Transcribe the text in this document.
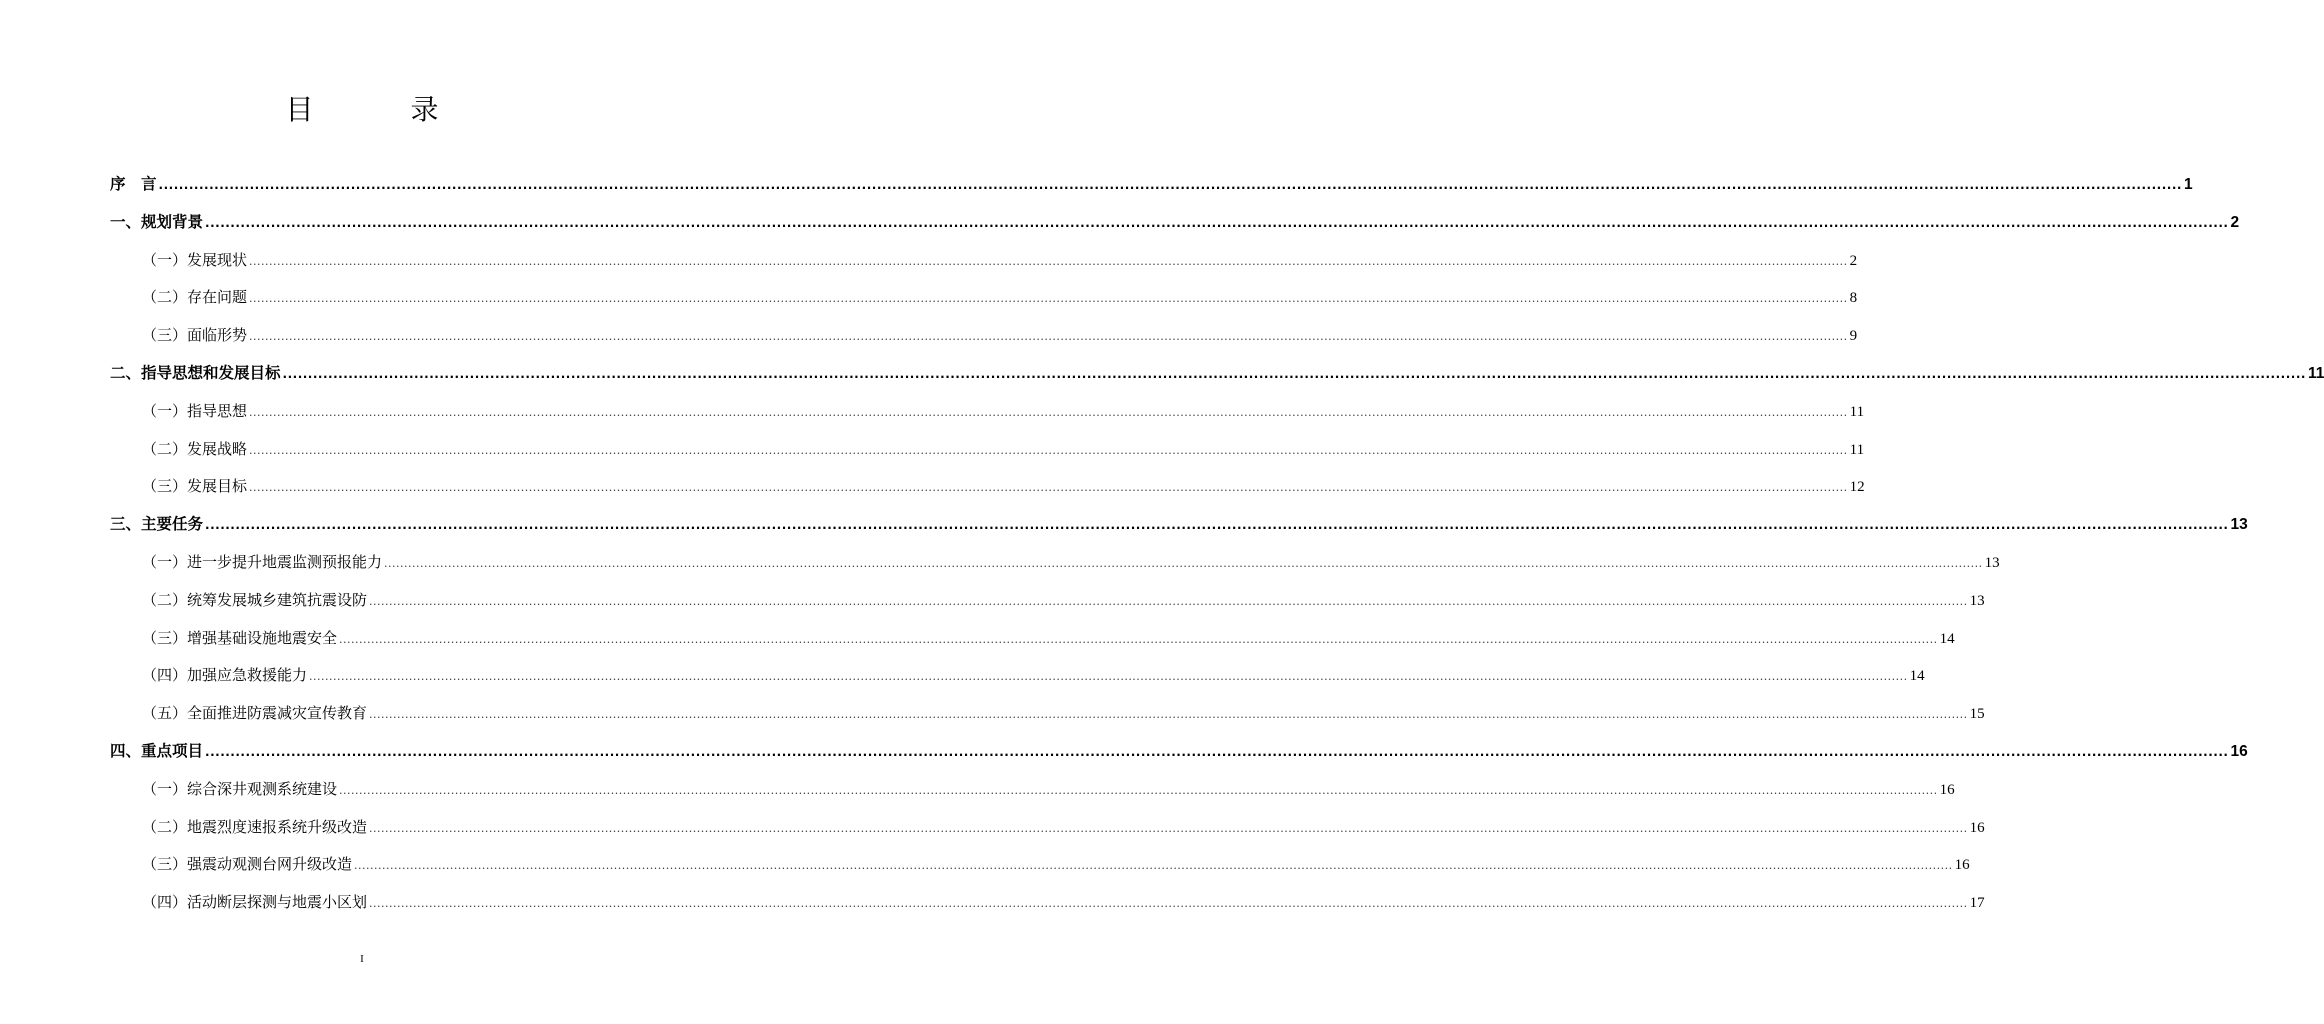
目 录
序　言 ................................................................................................................................................................................................................................................................................................................................................................................................................ 1
一、规划背景 ................................................................................................................................................................................................................................................................................................................................................................................................................ 2
（一）发展现状 ................................................................................................................................................................................................................................................................................................................................................................................................................ 2
（二）存在问题 ................................................................................................................................................................................................................................................................................................................................................................................................................ 8
（三）面临形势 ................................................................................................................................................................................................................................................................................................................................................................................................................ 9
二、指导思想和发展目标 ................................................................................................................................................................................................................................................................................................................................................................................................................ 11
（一）指导思想 ................................................................................................................................................................................................................................................................................................................................................................................................................ 11
（二）发展战略 ................................................................................................................................................................................................................................................................................................................................................................................................................ 11
（三）发展目标 ................................................................................................................................................................................................................................................................................................................................................................................................................ 12
三、主要任务 ................................................................................................................................................................................................................................................................................................................................................................................................................ 13
（一）进一步提升地震监测预报能力 ................................................................................................................................................................................................................................................................................................................................................................................................................ 13
（二）统筹发展城乡建筑抗震设防 ................................................................................................................................................................................................................................................................................................................................................................................................................ 13
（三）增强基础设施地震安全 ................................................................................................................................................................................................................................................................................................................................................................................................................ 14
（四）加强应急救援能力 ................................................................................................................................................................................................................................................................................................................................................................................................................ 14
（五）全面推进防震减灾宣传教育 ................................................................................................................................................................................................................................................................................................................................................................................................................ 15
四、重点项目 ................................................................................................................................................................................................................................................................................................................................................................................................................ 16
（一）综合深井观测系统建设 ................................................................................................................................................................................................................................................................................................................................................................................................................ 16
（二）地震烈度速报系统升级改造 ................................................................................................................................................................................................................................................................................................................................................................................................................ 16
（三）强震动观测台网升级改造 ................................................................................................................................................................................................................................................................................................................................................................................................................ 16
（四）活动断层探测与地震小区划 ................................................................................................................................................................................................................................................................................................................................................................................................................ 17
I
